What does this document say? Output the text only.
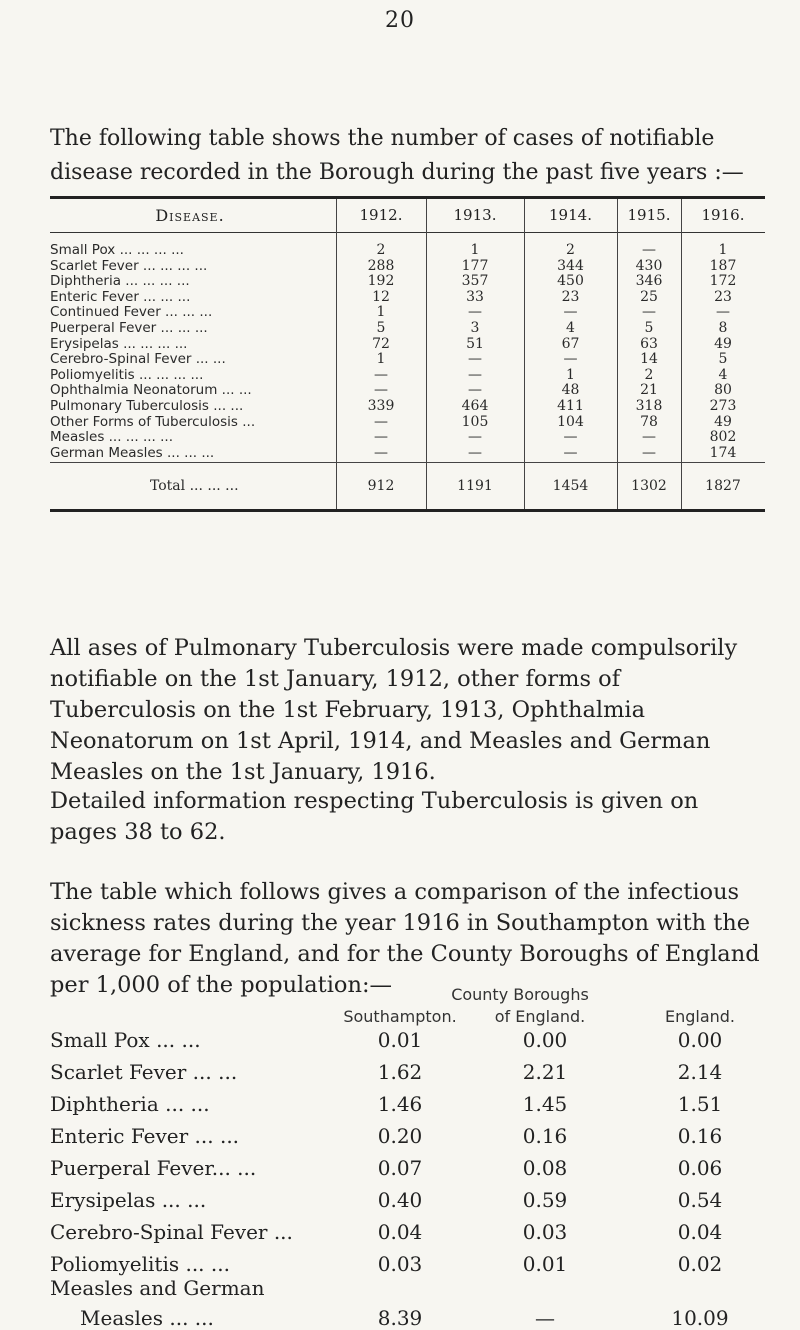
20
The following table shows the number of cases of notifiable disease recorded in the Borough during the past five years :—
Disease.	1912.	1913.	1914.	1915.	1916.
Small Pox ... ... ... ...	2	1	2	—	1
Scarlet Fever ... ... ... ...	288	177	344	430	187
Diphtheria ... ... ... ...	192	357	450	346	172
Enteric Fever ... ... ...	12	33	23	25	23
Continued Fever ... ... ...	1	—	—	—	—
Puerperal Fever ... ... ...	5	3	4	5	8
Erysipelas ... ... ... ...	72	51	67	63	49
Cerebro-Spinal Fever ... ...	1	—	—	14	5
Poliomyelitis ... ... ... ...	—	—	1	2	4
Ophthalmia Neonatorum ... ...	—	—	48	21	80
Pulmonary Tuberculosis ... ...	339	464	411	318	273
Other Forms of Tuberculosis ...	—	105	104	78	49
Measles ... ... ... ...	—	—	—	—	802
German Measles ... ... ...	—	—	—	—	174
Total ... ... ...	912	1191	1454	1302	1827
All ases of Pulmonary Tuberculosis were made compulsorily notifiable on the 1st January, 1912, other forms of Tuberculosis on the 1st February, 1913, Ophthalmia Neonatorum on 1st April, 1914, and Measles and German Measles on the 1st January, 1916.
Detailed information respecting Tuberculosis is given on pages 38 to 62.
The table which follows gives a comparison of the infectious sickness rates during the year 1916 in Southampton with the average for England, and for the County Boroughs of England per 1,000 of the population:—	County Boroughs
Southampton.	of England.	England.
Small Pox ... ...	0.01	0.00	0.00
Scarlet Fever ... ...	1.62	2.21	2.14
Diphtheria ... ...	1.46	1.45	1.51
Enteric Fever ... ...	0.20	0.16	0.16
Puerperal Fever... ...	0.07	0.08	0.06
Erysipelas ... ...	0.40	0.59	0.54
Cerebro-Spinal Fever ...	0.04	0.03	0.04
Poliomyelitis ... ...	0.03	0.01	0.02
Measles and German
Measles ... ...	8.39	—	10.09
